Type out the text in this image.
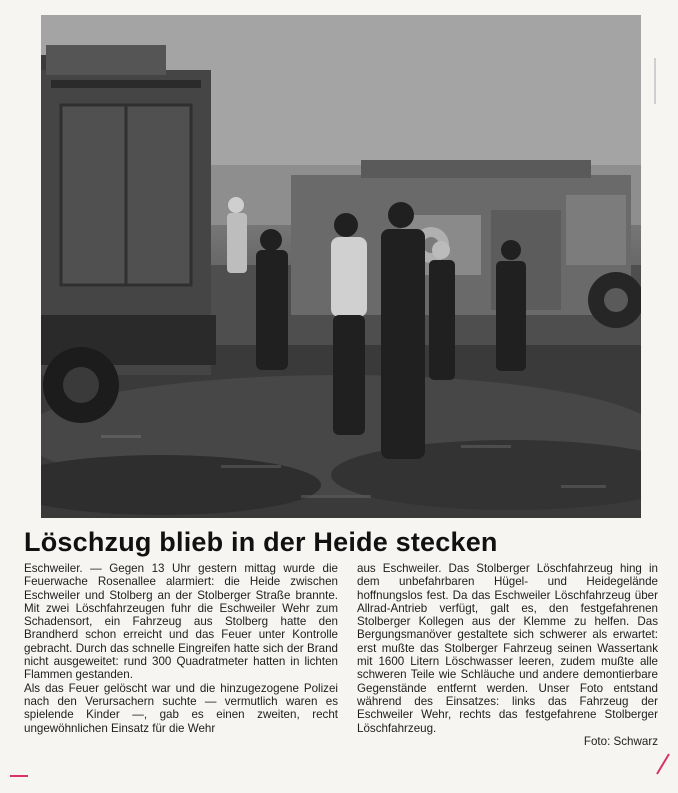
Löschzug blieb in der Heide stecken

Eschweiler. — Gegen 13 Uhr gestern mittag wurde die Feuerwache Rosenallee alarmiert: die Heide zwischen Eschweiler und Stolberg an der Stolberger Straße brannte. Mit zwei Löschfahrzeugen fuhr die Eschweiler Wehr zum Schadensort, ein Fahrzeug aus Stolberg hatte den Brandherd schon erreicht und das Feuer unter Kontrolle gebracht. Durch das schnelle Eingreifen hatte sich der Brand nicht ausgeweitet: rund 300 Quadratmeter hatten in lichten Flammen gestanden.

Als das Feuer gelöscht war und die hinzugezogene Polizei nach den Verursachern suchte — vermutlich waren es spielende Kinder —, gab es einen zweiten, recht ungewöhnlichen Einsatz für die Wehr

aus Eschweiler. Das Stolberger Löschfahrzeug hing in dem unbefahrbaren Hügel- und Heidegelände hoffnungslos fest. Da das Eschweiler Löschfahrzeug über Allrad-Antrieb verfügt, galt es, den festgefahrenen Stolberger Kollegen aus der Klemme zu helfen. Das Bergungsmanöver gestaltete sich schwerer als erwartet: erst mußte das Stolberger Fahrzeug seinen Wassertank mit 1600 Litern Löschwasser leeren, zudem mußte alle schweren Teile wie Schläuche und andere demontierbare Gegenstände entfernt werden. Unser Foto entstand während des Einsatzes: links das Fahrzeug der Eschweiler Wehr, rechts das festgefahrene Stolberger Löschfahrzeug.

Foto: Schwarz
